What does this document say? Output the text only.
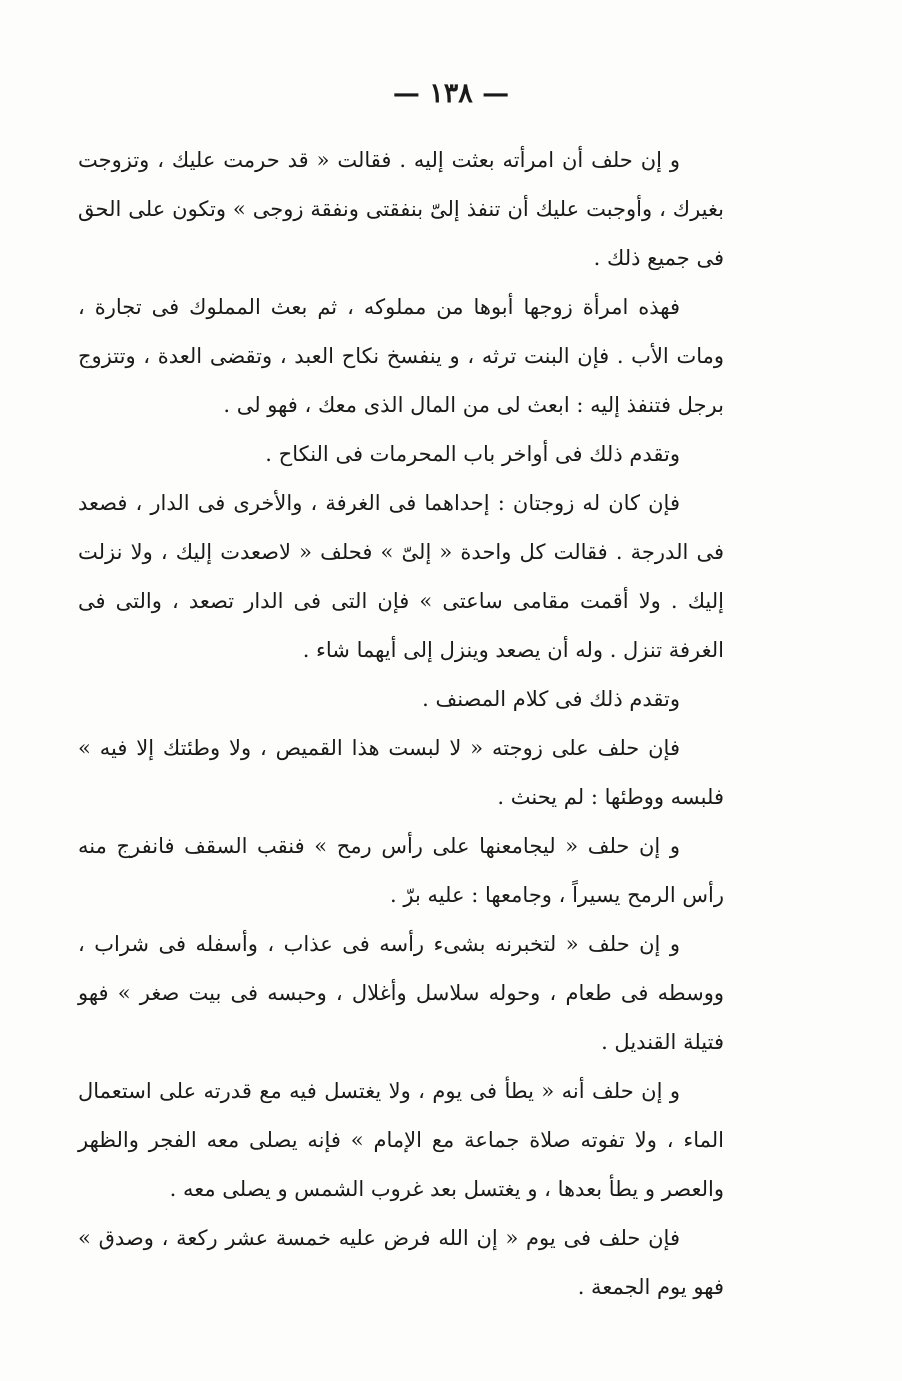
— ١٣٨ —

و إن حلف أن امرأته بعثت إليه . فقالت « قد حرمت عليك ، وتزوجت بغيرك ، وأوجبت عليك أن تنفذ إلىّ بنفقتى ونفقة زوجى » وتكون على الحق فى جميع ذلك .

فهذه امرأة زوجها أبوها من مملوكه ، ثم بعث المملوك فى تجارة ، ومات الأب . فإن البنت ترثه ، و ينفسخ نكاح العبد ، وتقضى العدة ، وتتزوج برجل فتنفذ إليه : ابعث لى من المال الذى معك ، فهو لى .

وتقدم ذلك فى أواخر باب المحرمات فى النكاح .

فإن كان له زوجتان : إحداهما فى الغرفة ، والأخرى فى الدار ، فصعد فى الدرجة . فقالت كل واحدة « إلىّ » فحلف « لاصعدت إليك ، ولا نزلت إليك . ولا أقمت مقامى ساعتى » فإن التى فى الدار تصعد ، والتى فى الغرفة تنزل . وله أن يصعد وينزل إلى أيهما شاء .

وتقدم ذلك فى كلام المصنف .

فإن حلف على زوجته « لا لبست هذا القميص ، ولا وطئتك إلا فيه » فلبسه ووطئها : لم يحنث .

و إن حلف « ليجامعنها على رأس رمح » فنقب السقف فانفرج منه رأس الرمح يسيراً ، وجامعها : عليه برّ .

و إن حلف « لتخبرنه بشىء رأسه فى عذاب ، وأسفله فى شراب ، ووسطه فى طعام ، وحوله سلاسل وأغلال ، وحبسه فى بيت صغر » فهو فتيلة القنديل .

و إن حلف أنه « يطأ فى يوم ، ولا يغتسل فيه مع قدرته على استعمال الماء ، ولا تفوته صلاة جماعة مع الإمام » فإنه يصلى معه الفجر والظهر والعصر و يطأ بعدها ، و يغتسل بعد غروب الشمس و يصلى معه .

فإن حلف فى يوم « إن الله فرض عليه خمسة عشر ركعة ، وصدق » فهو يوم الجمعة .
